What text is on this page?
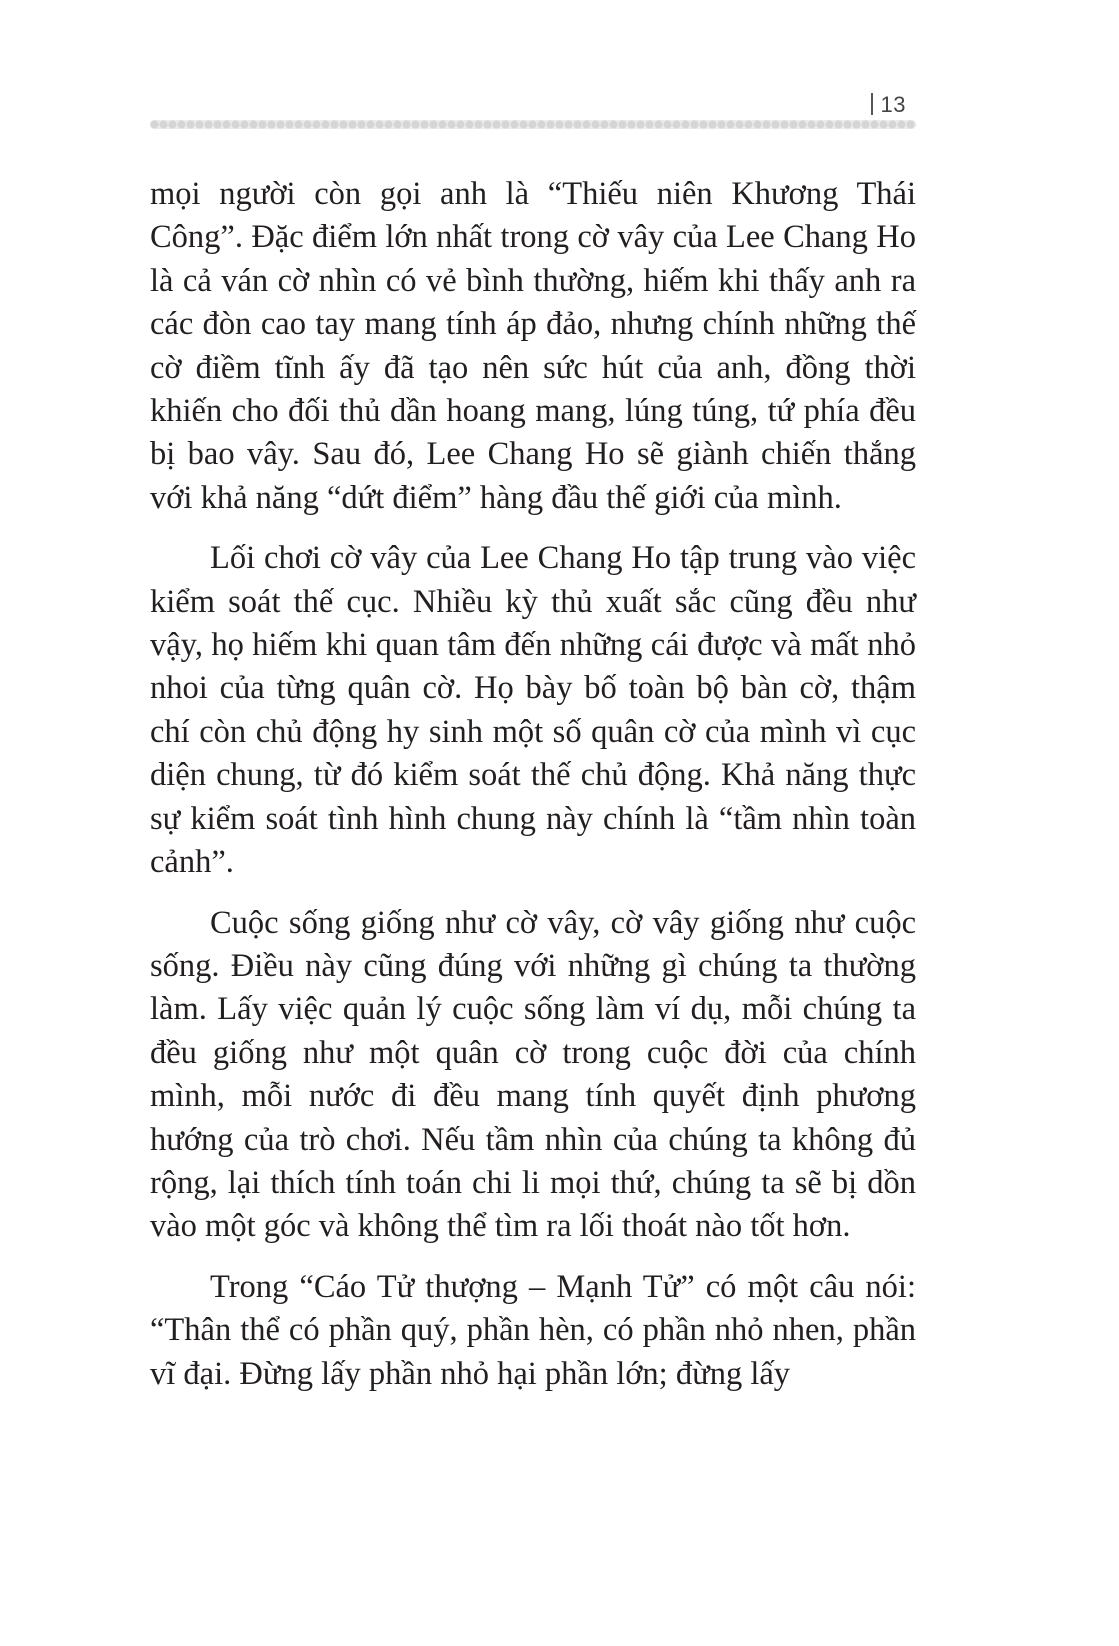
13

mọi người còn gọi anh là “Thiếu niên Khương Thái Công”. Đặc điểm lớn nhất trong cờ vây của Lee Chang Ho là cả ván cờ nhìn có vẻ bình thường, hiếm khi thấy anh ra các đòn cao tay mang tính áp đảo, nhưng chính những thế cờ điềm tĩnh ấy đã tạo nên sức hút của anh, đồng thời khiến cho đối thủ dần hoang mang, lúng túng, tứ phía đều bị bao vây. Sau đó, Lee Chang Ho sẽ giành chiến thắng với khả năng “dứt điểm” hàng đầu thế giới của mình.

Lối chơi cờ vây của Lee Chang Ho tập trung vào việc kiểm soát thế cục. Nhiều kỳ thủ xuất sắc cũng đều như vậy, họ hiếm khi quan tâm đến những cái được và mất nhỏ nhoi của từng quân cờ. Họ bày bố toàn bộ bàn cờ, thậm chí còn chủ động hy sinh một số quân cờ của mình vì cục diện chung, từ đó kiểm soát thế chủ động. Khả năng thực sự kiểm soát tình hình chung này chính là “tầm nhìn toàn cảnh”.

Cuộc sống giống như cờ vây, cờ vây giống như cuộc sống. Điều này cũng đúng với những gì chúng ta thường làm. Lấy việc quản lý cuộc sống làm ví dụ, mỗi chúng ta đều giống như một quân cờ trong cuộc đời của chính mình, mỗi nước đi đều mang tính quyết định phương hướng của trò chơi. Nếu tầm nhìn của chúng ta không đủ rộng, lại thích tính toán chi li mọi thứ, chúng ta sẽ bị dồn vào một góc và không thể tìm ra lối thoát nào tốt hơn.

Trong “Cáo Tử thượng – Mạnh Tử” có một câu nói: “Thân thể có phần quý, phần hèn, có phần nhỏ nhen, phần vĩ đại. Đừng lấy phần nhỏ hại phần lớn; đừng lấy
